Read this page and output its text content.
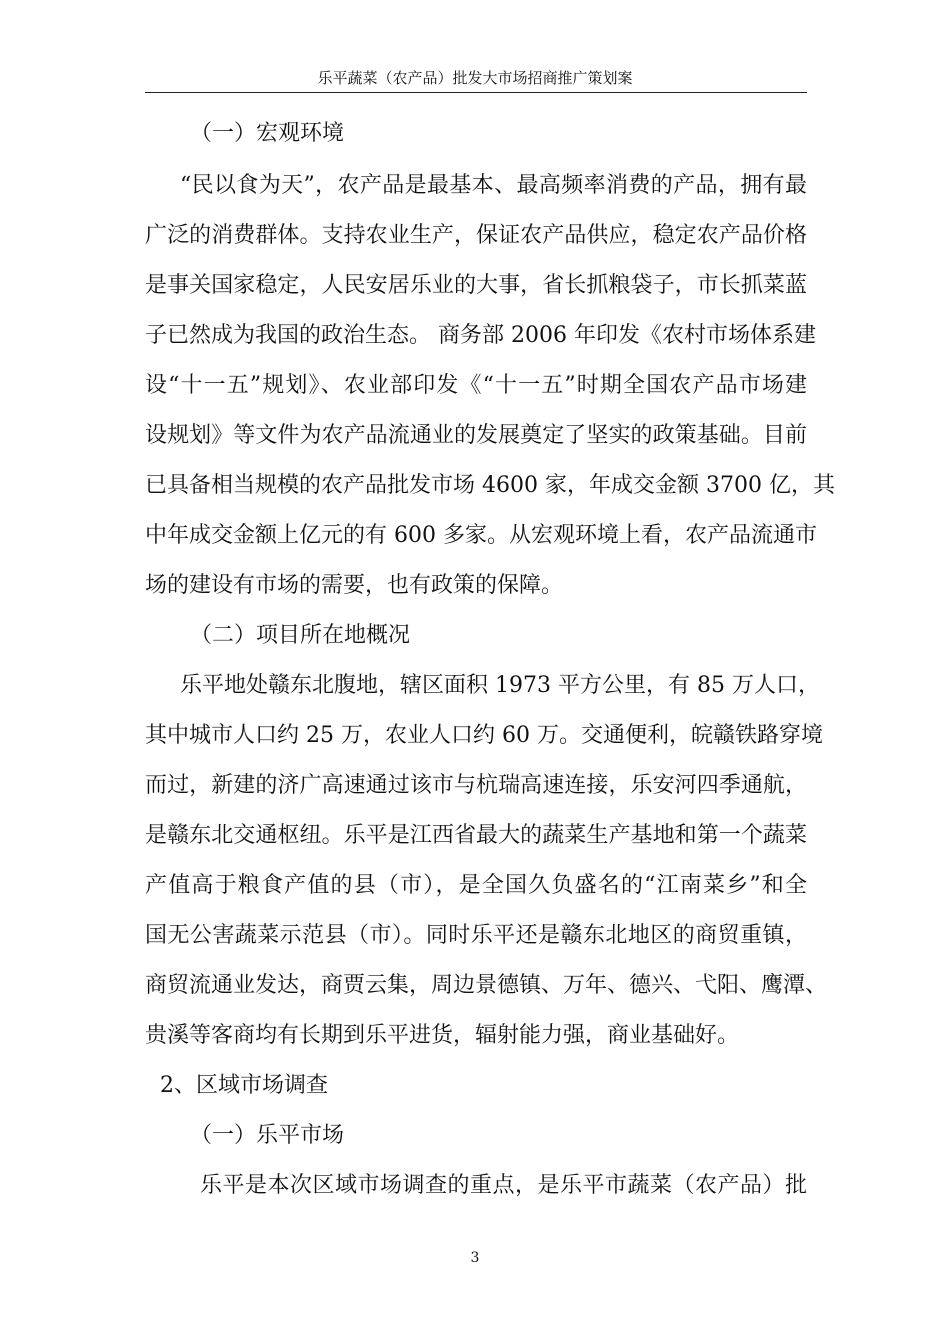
乐平蔬菜（农产品）批发大市场招商推广策划案
（一）宏观环境
“民以食为天”，农产品是最基本、最高频率消费的产品，拥有最
广泛的消费群体。支持农业生产，保证农产品供应，稳定农产品价格
是事关国家稳定，人民安居乐业的大事，省长抓粮袋子，市长抓菜蓝
子已然成为我国的政治生态。 商务部 2006 年印发《农村市场体系建
设“十一五”规划》、农业部印发《“十一五”时期全国农产品市场建
设规划》等文件为农产品流通业的发展奠定了坚实的政策基础。目前
已具备相当规模的农产品批发市场 4600 家，年成交金额 3700 亿，其
中年成交金额上亿元的有 600 多家。从宏观环境上看，农产品流通市
场的建设有市场的需要，也有政策的保障。
（二）项目所在地概况
乐平地处赣东北腹地，辖区面积 1973 平方公里，有 85 万人口，
其中城市人口约 25 万，农业人口约 60 万。交通便利，皖赣铁路穿境
而过，新建的济广高速通过该市与杭瑞高速连接，乐安河四季通航，
是赣东北交通枢纽。乐平是江西省最大的蔬菜生产基地和第一个蔬菜
产值高于粮食产值的县（市），是全国久负盛名的“江南菜乡”和全
国无公害蔬菜示范县（市）。同时乐平还是赣东北地区的商贸重镇，
商贸流通业发达，商贾云集，周边景德镇、万年、德兴、弋阳、鹰潭、
贵溪等客商均有长期到乐平进货，辐射能力强，商业基础好。
2、区域市场调查
（一）乐平市场
乐平是本次区域市场调查的重点，是乐平市蔬菜（农产品）批
3
